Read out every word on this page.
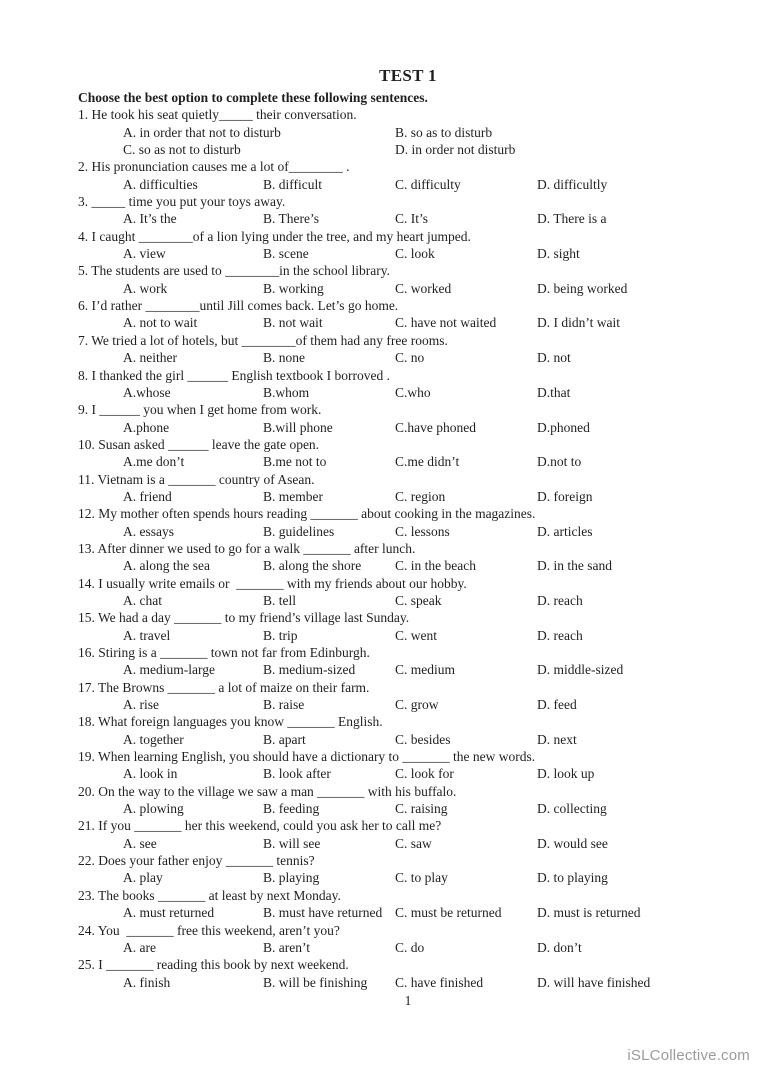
TEST 1
Choose the best option to complete these following sentences.
1. He took his seat quietly_____ their conversation.
A. in order that not to disturb	B. so as to disturb
C. so as not to disturb	D. in order not disturb
2. His pronunciation causes me a lot of________ .
A. difficulties	B. difficult	C. difficulty	D. difficultly
3. _____ time you put your toys away.
A. It’s the	B. There’s	C. It’s	D. There is a
4. I caught ________of a lion lying under the tree, and my heart jumped.
A. view	B. scene	C. look	D. sight
5. The students are used to ________in the school library.
A. work	B. working	C. worked	D. being worked
6. I’d rather ________until Jill comes back. Let’s go home.
A. not to wait	B. not wait	C. have not waited	D. I didn’t wait
7. We tried a lot of hotels, but ________of them had any free rooms.
A. neither	B. none	C. no	D. not
8. I thanked the girl ______ English textbook I borroved .
A.whose	B.whom	C.who	D.that
9. I ______ you when I get home from work.
A.phone	B.will phone	C.have phoned	D.phoned
10. Susan asked ______ leave the gate open.
A.me don’t	B.me not to	C.me didn’t	D.not to
11. Vietnam is a _______ country of Asean.
A. friend	B. member	C. region	D. foreign
12. My mother often spends hours reading _______ about cooking in the magazines.
A. essays	B. guidelines	C. lessons	D. articles
13. After dinner we used to go for a walk _______ after lunch.
A. along the sea	B. along the shore	C. in the beach	D. in the sand
14. I usually write emails or  _______ with my friends about our hobby.
A. chat	B. tell	C. speak	D. reach
15. We had a day _______ to my friend’s village last Sunday.
A. travel	B. trip	C. went	D. reach
16. Stiring is a _______ town not far from Edinburgh.
A. medium-large	B. medium-sized	C. medium	D. middle-sized
17. The Browns _______ a lot of maize on their farm.
A. rise	B. raise	C. grow	D. feed
18. What foreign languages you know _______ English.
A. together	B. apart	C. besides	D. next
19. When learning English, you should have a dictionary to _______ the new words.
A. look in	B. look after	C. look for	D. look up
20. On the way to the village we saw a man _______ with his buffalo.
A. plowing	B. feeding	C. raising	D. collecting
21. If you _______ her this weekend, could you ask her to call me?
A. see	B. will see	C. saw	D. would see
22. Does your father enjoy _______ tennis?
A. play	B. playing	C. to play	D. to playing
23. The books _______ at least by next Monday.
A. must returned	B. must have returned C. must be returned	D. must is returned
24. You  _______ free this weekend, aren’t you?
A. are	B. aren’t	C. do	D. don’t
25. I _______ reading this book by next weekend.
A. finish	B. will be finishing C. have finished	D. will have finished
1
iSLCollective.com
